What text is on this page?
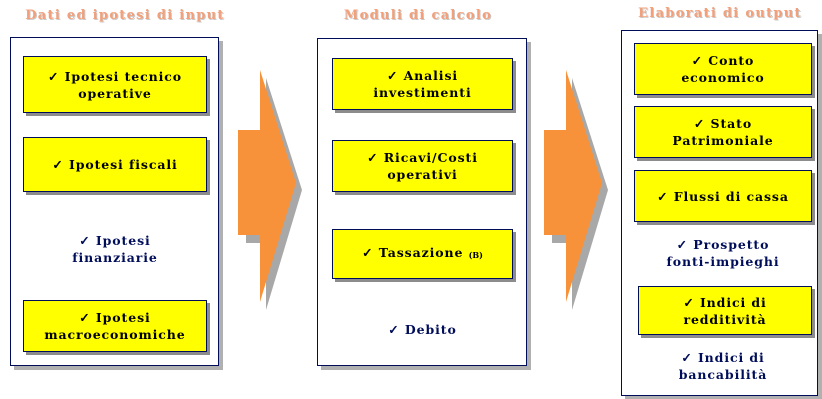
Dati ed ipotesi di input	Moduli di calcolo	Elaborati di output
✓ Ipotesi tecnico
operative
✓ Ipotesi fiscali
✓ Ipotesi
finanziarie
✓ Ipotesi
macroeconomiche
✓ Analisi
investimenti
✓ Ricavi/Costi
operativi
✓ Tassazione (B)
✓ Debito
✓ Conto
economico
✓ Stato
Patrimoniale
✓ Flussi di cassa
✓ Prospetto
fonti-impieghi
✓ Indici di
redditività
✓ Indici di
bancabilità
